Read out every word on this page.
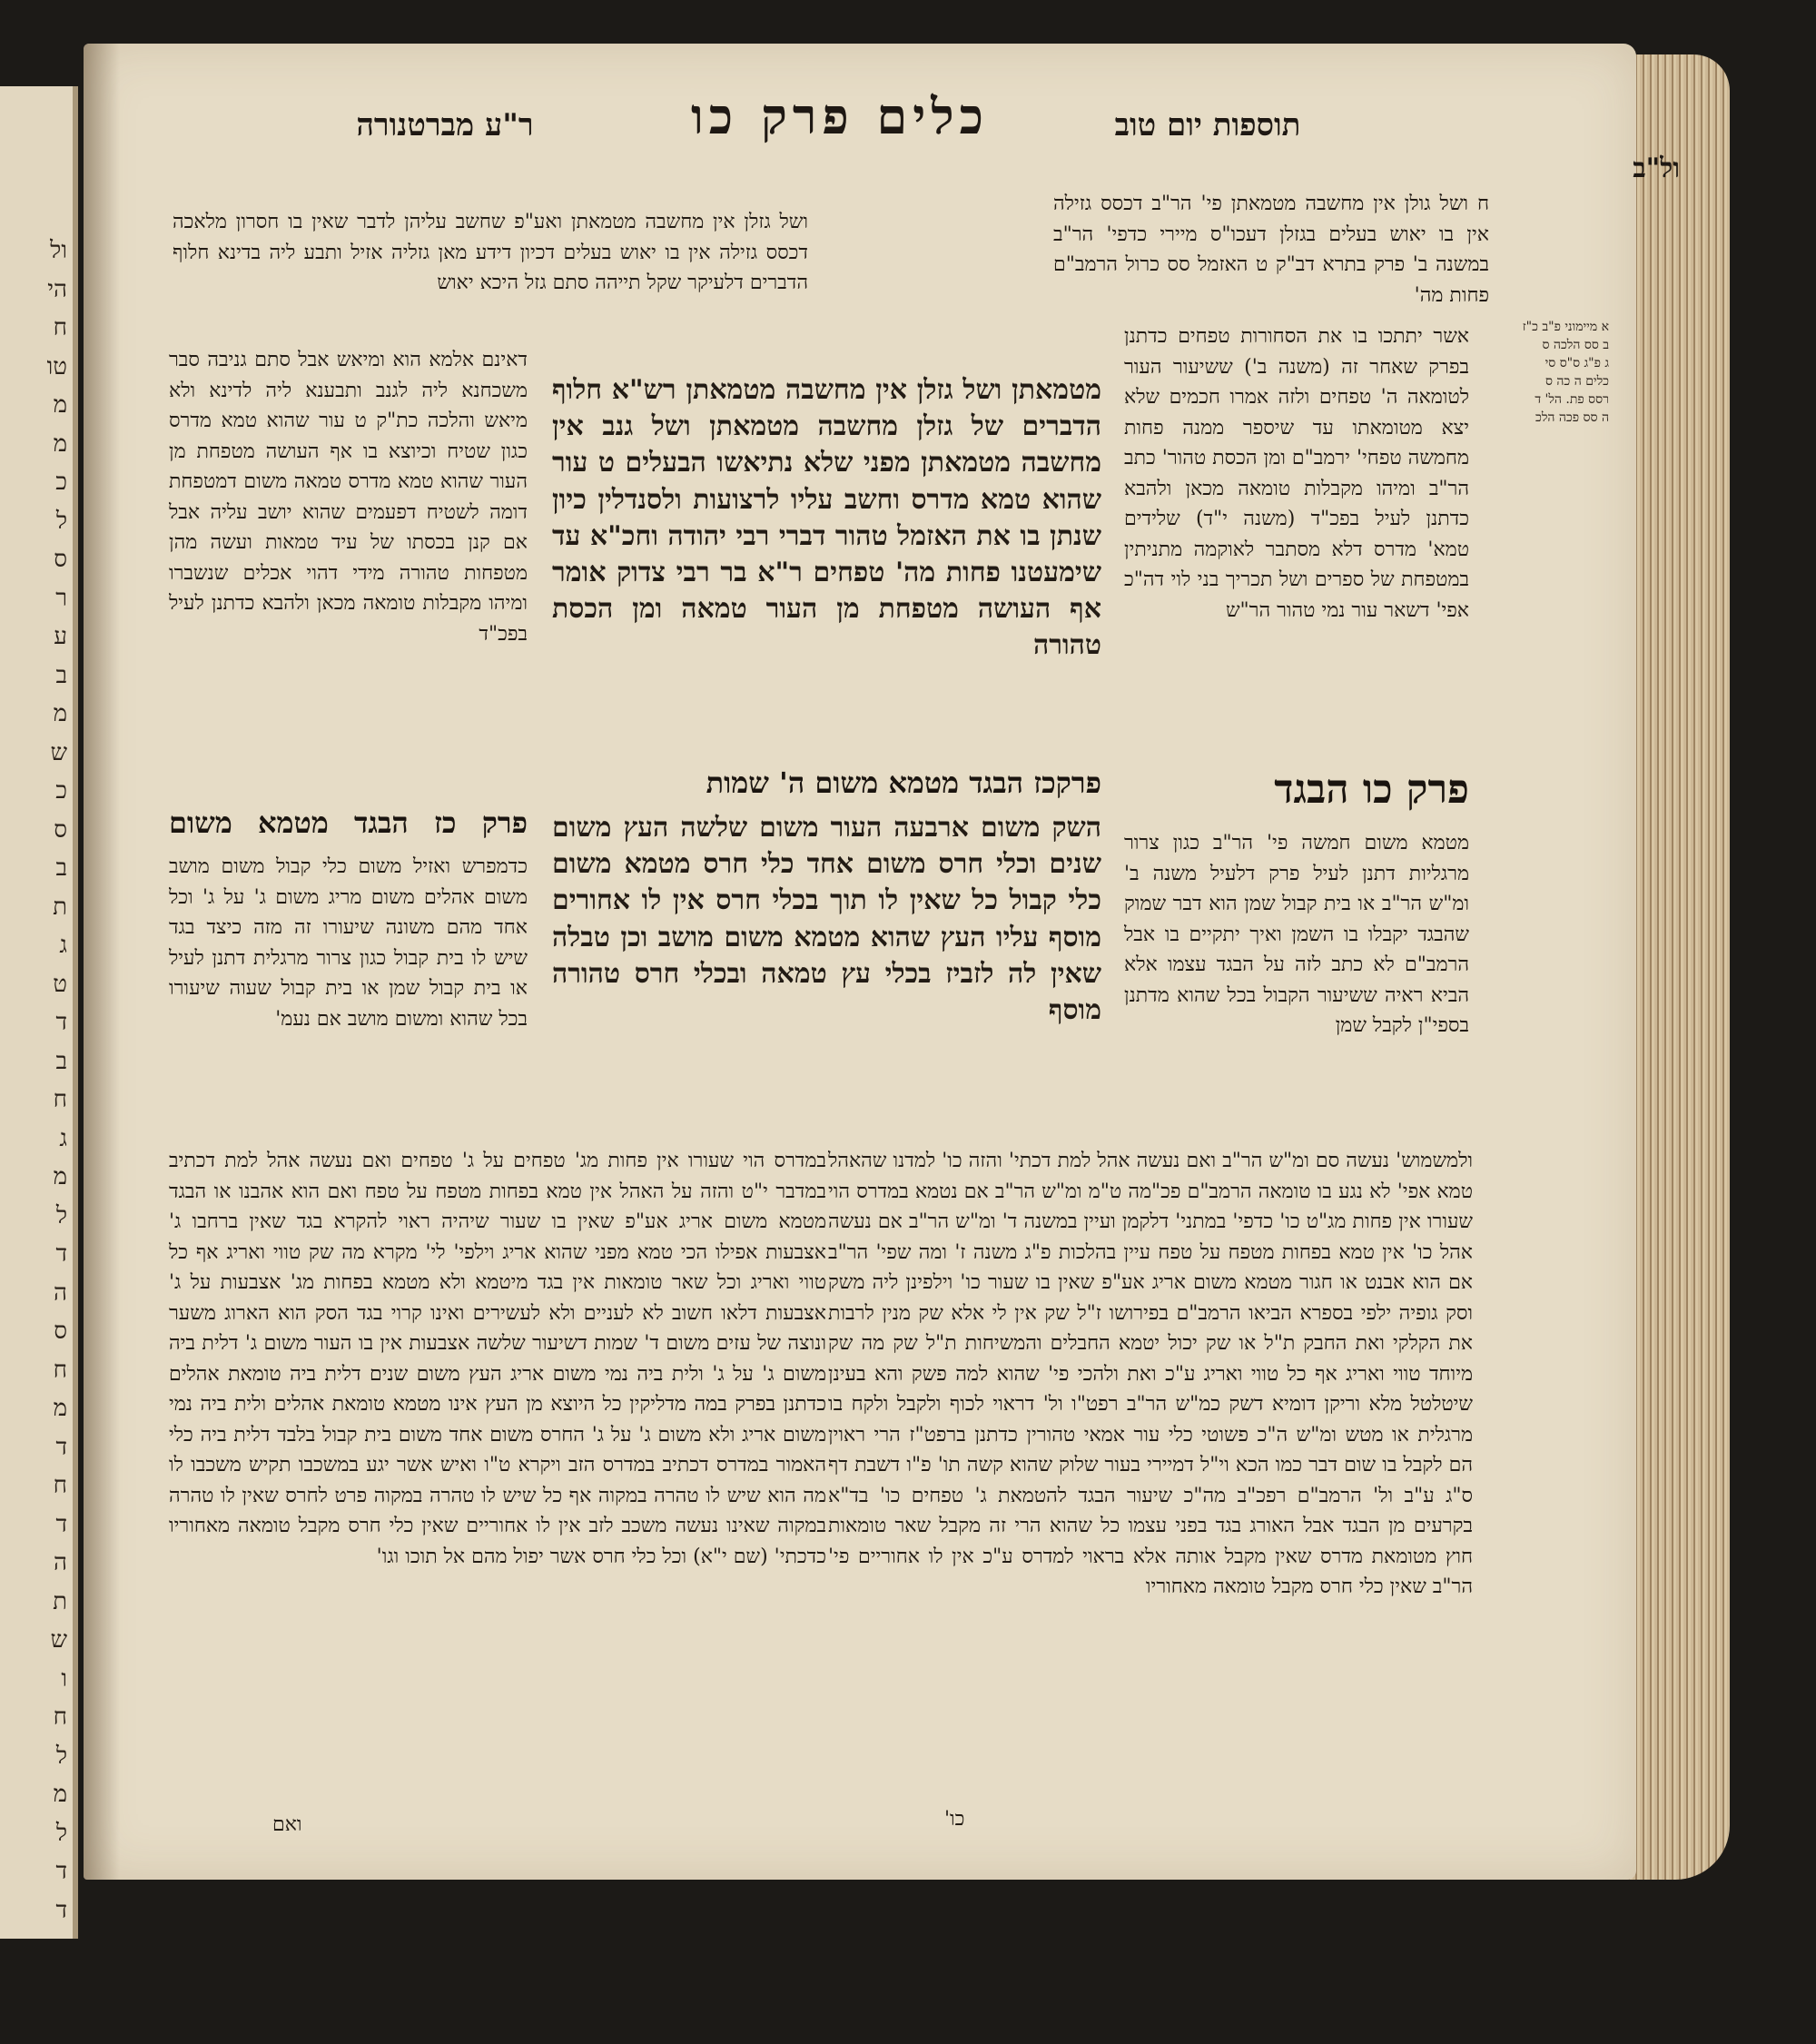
ול
הי
ח
טו
מ
מ
כ
ל
ס
ר
ע
ב
מ
ש
כ
ס
ב
ת
ג
ט
ד
ב
ח
ג
מ
ל
ד
ה
ס
ח
מ
ד
ח
ד
ה
ת
ש
ו
ח
ל
מ
ל
ד
ד
ול"ב
תוספות יום טוב
כלים פרק כו
ר"ע מברטנורה
א מיימוני פ"ב כ"ז
ב סס הלכה ס
ג פ"ג ס"ס סי
כלים ה כה ס
רסס פת. הל' ד
ה סס פכה הלכ
ח ושל גולן אין מחשבה מטמאתן פי' הר"ב דכסס גזילה אין בו יאוש בעלים בגזלן דעכו"ס מיירי כדפי' הר"ב במשנה ב' פרק בתרא דב"ק ט האזמל סס כרול הרמב"ם פחות מה'
ושל גזלן אין מחשבה מטמאתן ואע"פ שחשב עליהן לדבר שאין בו חסרון מלאכה דכסס גזילה אין בו יאוש בעלים דכיון דידע מאן גזליה אזיל ותבע ליה בדינא חלוף הדברים דלעיקר שקל תייהה סתם גזל היכא יאוש
אשר יתתכו בו את הסחורות טפחים כדתנן בפרק שאחר זה (משנה ב') ששיעור העור לטומאה ה' טפחים ולזה אמרו חכמים שלא יצא מטומאתו עד שיספר ממנה פחות מחמשה טפחי' ירמב"ם ומן הכסת טהור' כתב הר"ב ומיהו מקבלות טומאה מכאן ולהבא כדתנן לעיל בפכ"ד (משנה י"ד) שלידים טמא' מדרס דלא מסתבר לאוקמה מתניתין במטפחת של ספרים ושל תכריך בני לוי דה"כ אפי' דשאר עור נמי טהור הר"ש
פרק כו הבגד
מטמא משום חמשה פי' הר"ב כגון צרור מרגליות דתנן לעיל פרק דלעיל משנה ב' ומ"ש הר"ב או בית קבול שמן הוא דבר שמוק שהבגד יקבלו בו השמן ואיך יתקיים בו אבל הרמב"ם לא כתב לזה על הבגד עצמו אלא הביא ראיה ששיעור הקבול בכל שהוא מדתנן בספי"ן לקבל שמן
מטמאתן ושל גזלן אין מחשבה מטמאתן רש"א חלוף הדברים של גזלן מחשבה מטמאתן ושל גנב אין מחשבה מטמאתן מפני שלא נתיאשו הבעלים ט עור שהוא טמא מדרס וחשב עליו לרצועות ולסנדלין כיון שנתן בו את האזמל טהור דברי רבי יהודה וחכ"א עד שימעטנו פחות מה' טפחים ר"א בר רבי צדוק אומר אף העושה מטפחת מן העור טמאה ומן הכסת טהורה
פרקכז הבגד מטמא משום ה' שמות
השק משום ארבעה העור משום שלשה העץ משום שנים וכלי חרס משום אחד כלי חרס מטמא משום כלי קבול כל שאין לו תוך בכלי חרס אין לו אחורים מוסף עליו העץ שהוא מטמא משום מושב וכן טבלה שאין לה לזביז בכלי עץ טמאה ובכלי חרס טהורה מוסף
דאינם אלמא הוא ומיאש אבל סתם גניבה סבר משכחנא ליה לגנב ותבענא ליה לדינא ולא מיאש והלכה כת"ק ט עור שהוא טמא מדרס כגון שטיח וכיוצא בו אף העושה מטפחת מן העור שהוא טמא מדרס טמאה משום דמטפחת דומה לשטיח דפעמים שהוא יושב עליה אבל אם קנן בכסתו של עיד טמאות ועשה מהן מטפחות טהורה מידי דהוי אכלים שנשברו ומיהו מקבלות טומאה מכאן ולהבא כדתנן לעיל בפכ"ד
פרק כז הבגד מטמא משום
כדמפרש ואזיל משום כלי קבול משום מושב משום אהלים משום מריג משום ג' על ג' וכל אחד מהם משונה שיעורו זה מזה כיצד בגד שיש לו בית קבול כגון צרור מרגלית דתנן לעיל או בית קבול שמן או בית קבול שעוה שיעורו בכל שהוא ומשום מושב אם נעמ'
במדרס הוי שעורו אין פחות מג' טפחים על ג' טפחים ואם נעשה אהל למת דכתיב במדבר י"ט והזה על האהל אין טמא בפחות מטפח על טפח ואם הוא אהבנו או הבגד מטמא משום אריג אע"פ שאין בו שעור שיהיה ראוי להקרא בגד שאין ברחבו ג' אצבעות אפילו הכי טמא מפני שהוא אריג וילפי' לי' מקרא מה שק טווי ואריג אף כל טווי ואריג וכל שאר טומאות אין בגד מיטמא ולא מטמא בפחות מג' אצבעות על ג' אצבעות דלאו חשוב לא לעניים ולא לעשירים ואינו קרוי בגד הסק הוא הארוג משער ונוצה של עזים משום ד' שמות דשיעור שלשה אצבעות אין בו העור משום ג' דלית ביה משום ג' על ג' ולית ביה נמי משום אריג העץ משום שנים דלית ביה טומאת אהלים כדתנן בפרק במה מדליקין כל היוצא מן העץ אינו מטמא טומאת אהלים ולית ביה נמי משום אריג ולא משום ג' על ג' החרס משום אחד משום בית קבול בלבד דלית ביה כלי האמור במדרס דכתיב במדרס הזב ויקרא ט"ו ואיש אשר יגע במשכבו תקיש משכבו לו מה הוא שיש לו טהרה במקוה אף כל שיש לו טהרה במקוה פרט לחרס שאין לו טהרה במקוה שאינו נעשה משכב לזב אין לו אחוריים שאין כלי חרס מקבל טומאה מאחוריו כדכתי' (שם י"א) וכל כלי חרס אשר יפול מהם אל תוכו וגו'
ולמשמוש' נעשה סם ומ"ש הר"ב ואם נעשה אהל למת דכתי' והזה כו' למדנו שהאהל טמא אפי' לא נגע בו טומאה הרמב"ם פכ"מה ט"מ ומ"ש הר"ב אם נטמא במדרס הוי שעורו אין פחות מג"ט כו' כדפי' במתני' דלקמן ועיין במשנה ד' ומ"ש הר"ב אם נעשה אהל כו' אין טמא בפחות מטפח על טפח עיין בהלכות פ"ג משנה ז' ומה שפי' הר"ב אם הוא אבנט או חגור מטמא משום אריג אע"פ שאין בו שעור כו' וילפינן ליה משק וסק גופיה ילפי בספרא הביאו הרמב"ם בפירושו ז"ל שק אין לי אלא שק מנין לרבות את הקלקי ואת החבק ת"ל או שק יכול יטמא החבלים והמשיחות ת"ל שק מה שק מיוחד טווי ואריג אף כל טווי ואריג ע"כ ואת ולהכי פי' שהוא למה פשק והא בעינן שיטלטל מלא וריקן דומיא דשק כמ"ש הר"ב רפט"ו ול' דראוי לכוף ולקבל ולקח בו מרגלית או מטש ומ"ש ה"כ פשוטי כלי עור אמאי טהורין כדתנן ברפט"ז הרי ראוין הם לקבל בו שום דבר כמו הכא וי"ל דמיירי בעור שלוק שהוא קשה תו' פ"ו דשבת דף ס"ג ע"ב ול' הרמב"ם רפכ"ב מה"כ שיעור הבגד להטמאת ג' טפחים כו' בד"א בקרעים מן הבגד אבל האורג בגד בפני עצמו כל שהוא הרי זה מקבל שאר טומאות חוץ מטומאת מדרס שאין מקבל אותה אלא בראוי למדרס ע"כ אין לו אחוריים פי' הר"ב שאין כלי חרס מקבל טומאה מאחוריו
ואם	כו'
